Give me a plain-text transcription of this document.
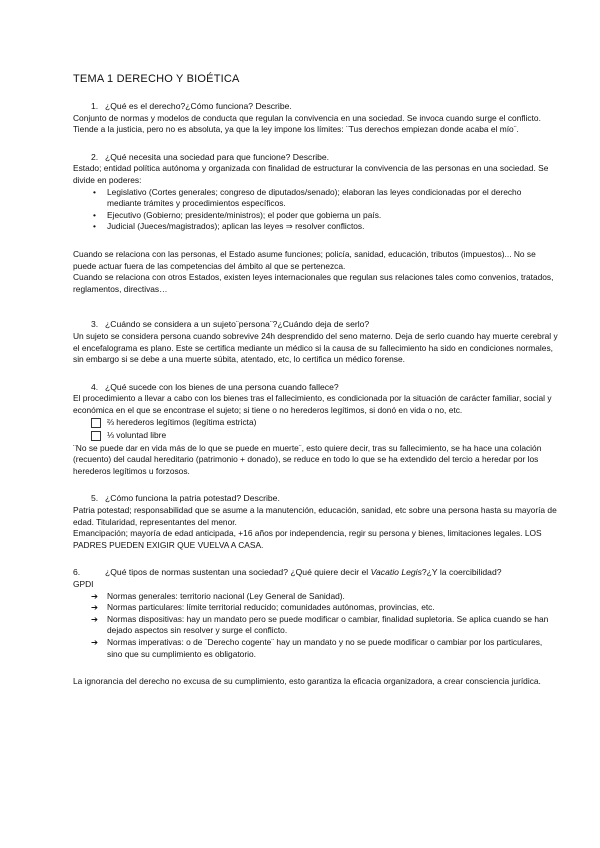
TEMA 1 DERECHO Y BIOÉTICA

1. ¿Qué es el derecho?¿Cómo funciona? Describe.

Conjunto de normas y modelos de conducta que regulan la convivencia en una sociedad. Se invoca cuando surge el conflicto. Tiende a la justicia, pero no es absoluta, ya que la ley impone los límites: ¨Tus derechos empiezan donde acaba el mío¨.

2. ¿Qué necesita una sociedad para que funcione? Describe.

Estado; entidad política autónoma y organizada con finalidad de estructurar la convivencia de las personas en una sociedad. Se divide en poderes:

• Legislativo (Cortes generales; congreso de diputados/senado); elaboran las leyes condicionadas por el derecho mediante trámites y procedimientos específicos.
• Ejecutivo (Gobierno; presidente/ministros); el poder que gobierna un país.
• Judicial (Jueces/magistrados); aplican las leyes ⇒ resolver conflictos.

Cuando se relaciona con las personas, el Estado asume funciones; policía, sanidad, educación, tributos (impuestos)... No se puede actuar fuera de las competencias del ámbito al que se pertenezca.

Cuando se relaciona con otros Estados, existen leyes internacionales que regulan sus relaciones tales como convenios, tratados, reglamentos, directivas…

3. ¿Cuándo se considera a un sujeto¨persona¨?¿Cuándo deja de serlo?

Un sujeto se considera persona cuando sobrevive 24h desprendido del seno materno. Deja de serlo cuando hay muerte cerebral y el encefalograma es plano. Este se certifica mediante un médico si la causa de su fallecimiento ha sido en condiciones normales, sin embargo si se debe a una muerte súbita, atentado, etc, lo certifica un médico forense.

4. ¿Qué sucede con los bienes de una persona cuando fallece?

El procedimiento a llevar a cabo con los bienes tras el fallecimiento, es condicionada por la situación de carácter familiar, social y económica en el que se encontrase el sujeto; si tiene o no herederos legítimos, si donó en vida o no, etc.

⅔ herederos legítimos (legítima estricta)
⅓ voluntad libre

¨No se puede dar en vida más de lo que se puede en muerte¨, esto quiere decir, tras su fallecimiento, se ha hace una colación (recuento) del caudal hereditario (patrimonio + donado), se reduce en todo lo que se ha extendido del tercio a heredar por los herederos legítimos u forzosos.

5. ¿Cómo funciona la patria potestad? Describe.

Patria potestad; responsabilidad que se asume a la manutención, educación, sanidad, etc sobre una persona hasta su mayoría de edad. Titularidad, representantes del menor.

Emancipación; mayoría de edad anticipada, +16 años por independencia, regir su persona y bienes, limitaciones legales. LOS PADRES PUEDEN EXIGIR QUE VUELVA A CASA.

6.	¿Qué tipos de normas sustentan una sociedad? ¿Qué quiere decir el Vacatio Legis?¿Y la coercibilidad?

GPDI

➔ Normas generales: territorio nacional (Ley General de Sanidad).
➔ Normas particulares: límite territorial reducido; comunidades autónomas, provincias, etc.
➔ Normas dispositivas: hay un mandato pero se puede modificar o cambiar, finalidad supletoria. Se aplica cuando se han dejado aspectos sin resolver y surge el conflicto.
➔ Normas imperativas: o de ¨Derecho cogente¨ hay un mandato y no se puede modificar o cambiar por los particulares, sino que su cumplimiento es obligatorio.

La ignorancia del derecho no excusa de su cumplimiento, esto garantiza la eficacia organizadora, a crear consciencia jurídica.
